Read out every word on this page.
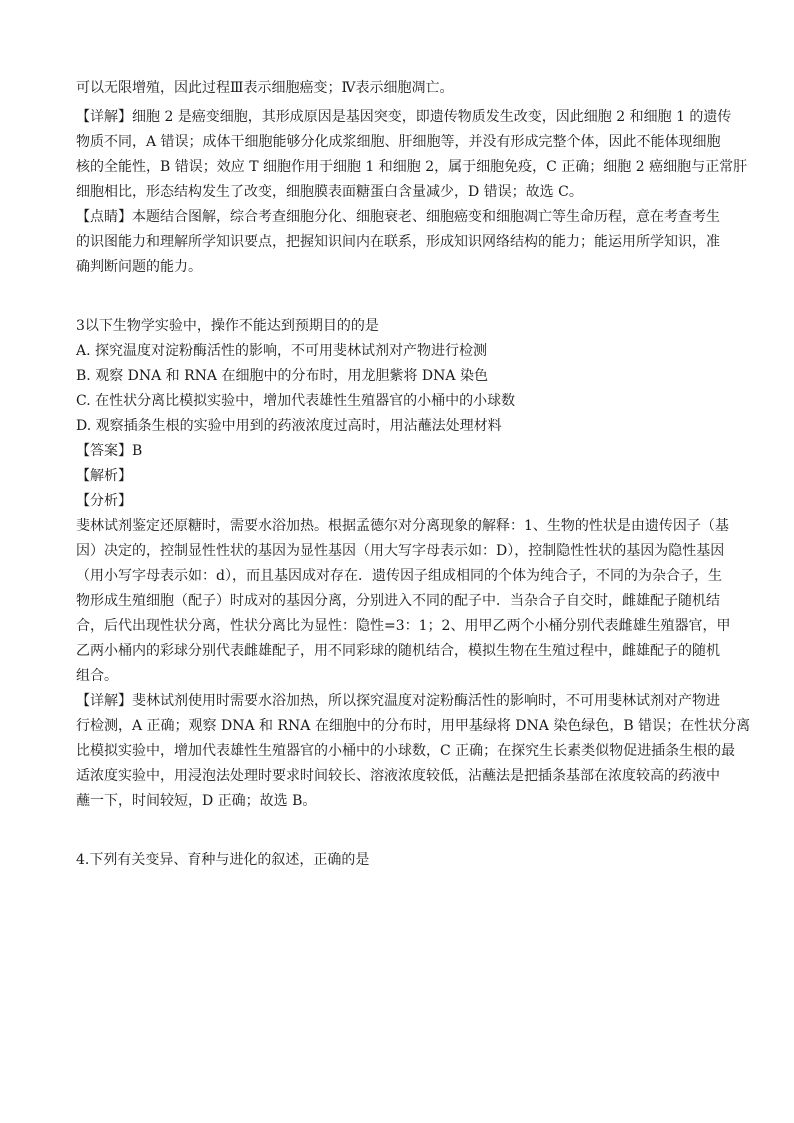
可以无限增殖，因此过程Ⅲ表示细胞癌变；Ⅳ表示细胞凋亡。

【详解】细胞 2 是癌变细胞，其形成原因是基因突变，即遗传物质发生改变，因此细胞 2 和细胞 1 的遗传

物质不同，A 错误；成体干细胞能够分化成浆细胞、肝细胞等，并没有形成完整个体，因此不能体现细胞

核的全能性，B 错误；效应 T 细胞作用于细胞 1 和细胞 2，属于细胞免疫，C 正确；细胞 2 癌细胞与正常肝

细胞相比，形态结构发生了改变，细胞膜表面糖蛋白含量减少，D 错误；故选 C。

【点睛】本题结合图解，综合考查细胞分化、细胞衰老、细胞癌变和细胞凋亡等生命历程，意在考查考生

的识图能力和理解所学知识要点，把握知识间内在联系，形成知识网络结构的能力；能运用所学知识，准

确判断问题的能力。

3以下生物学实验中，操作不能达到预期目的的是

A. 探究温度对淀粉酶活性的影响，不可用斐林试剂对产物进行检测

B. 观察 DNA 和 RNA 在细胞中的分布时，用龙胆紫将 DNA 染色

C. 在性状分离比模拟实验中，增加代表雄性生殖器官的小桶中的小球数

D. 观察插条生根的实验中用到的药液浓度过高时，用沾蘸法处理材料

【答案】B

【解析】

【分析】

斐林试剂鉴定还原糖时，需要水浴加热。根据孟德尔对分离现象的解释：1、生物的性状是由遗传因子（基

因）决定的，控制显性性状的基因为显性基因（用大写字母表示如：D），控制隐性性状的基因为隐性基因

（用小写字母表示如：d），而且基因成对存在．遗传因子组成相同的个体为纯合子，不同的为杂合子，生

物形成生殖细胞（配子）时成对的基因分离，分别进入不同的配子中．当杂合子自交时，雌雄配子随机结

合，后代出现性状分离，性状分离比为显性：隐性=3：1；2、用甲乙两个小桶分别代表雌雄生殖器官，甲

乙两小桶内的彩球分别代表雌雄配子，用不同彩球的随机结合，模拟生物在生殖过程中，雌雄配子的随机

组合。

【详解】斐林试剂使用时需要水浴加热，所以探究温度对淀粉酶活性的影响时，不可用斐林试剂对产物进

行检测，A 正确；观察 DNA 和 RNA 在细胞中的分布时，用甲基绿将 DNA 染色绿色，B 错误；在性状分离

比模拟实验中，增加代表雄性生殖器官的小桶中的小球数，C 正确；在探究生长素类似物促进插条生根的最

适浓度实验中，用浸泡法处理时要求时间较长、溶液浓度较低，沾蘸法是把插条基部在浓度较高的药液中

蘸一下，时间较短，D 正确；故选 B。

4.下列有关变异、育种与进化的叙述，正确的是
